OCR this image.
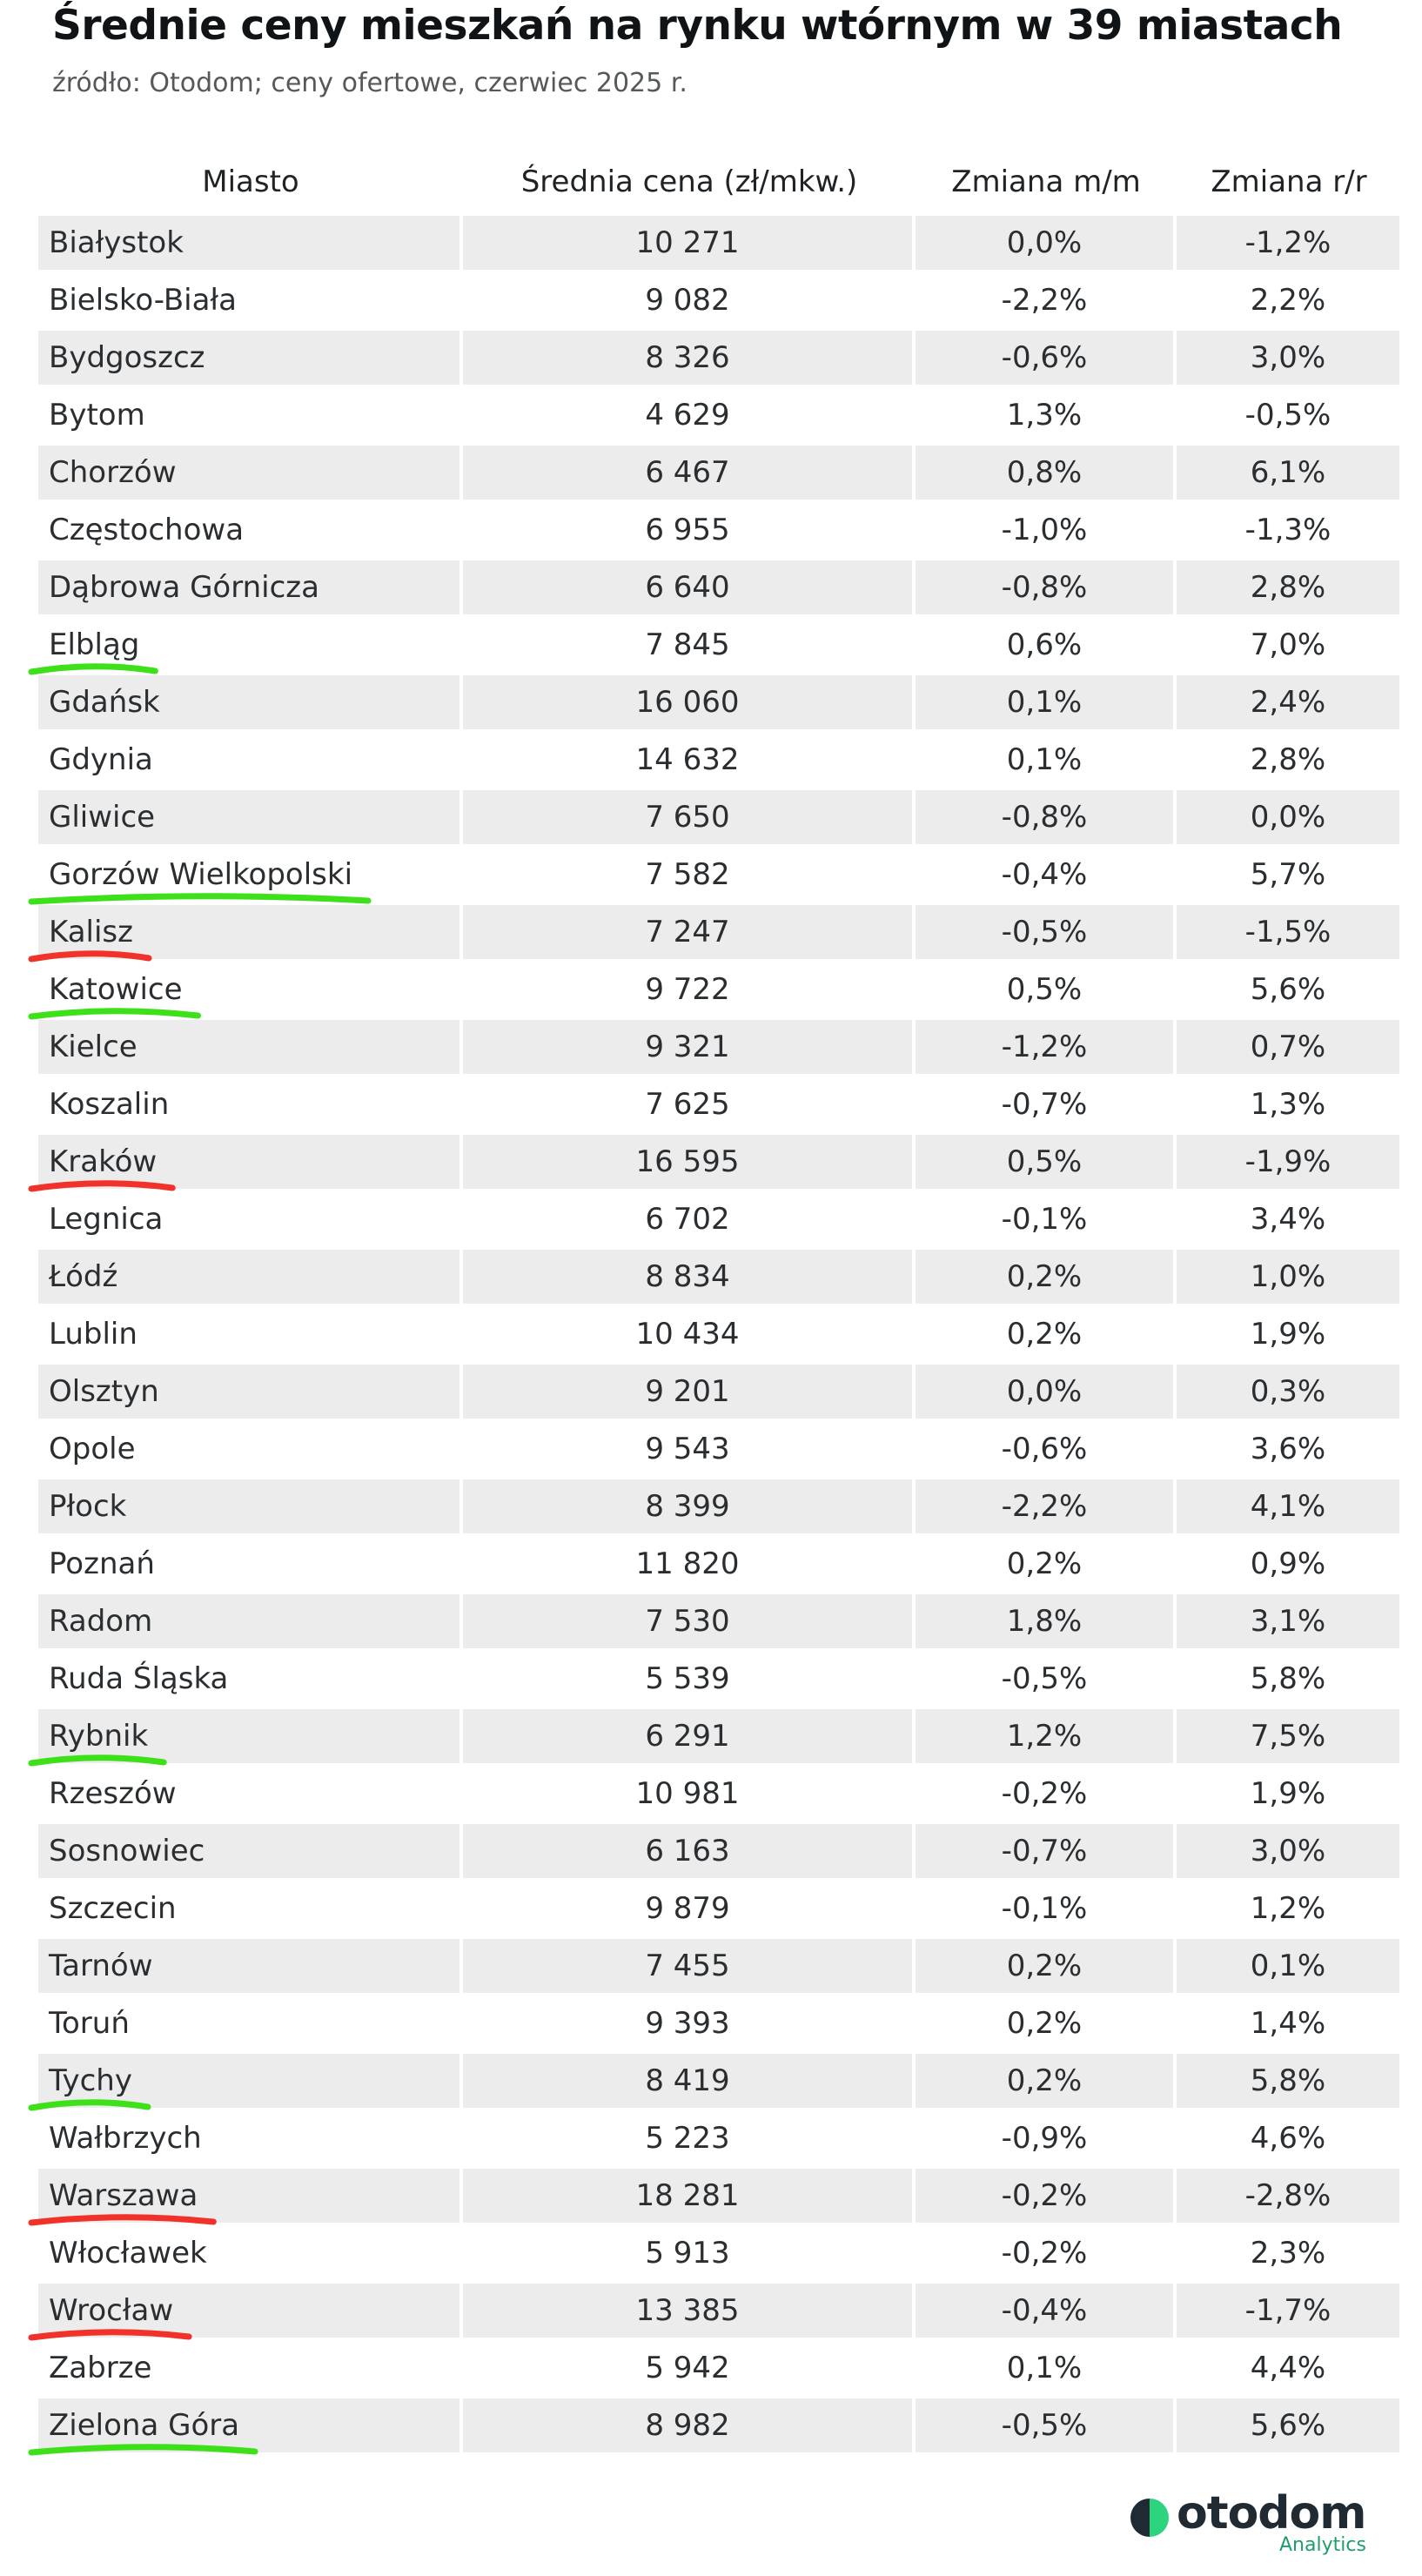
Średnie ceny mieszkań na rynku wtórnym w 39 miastach
źródło: Otodom; ceny ofertowe, czerwiec 2025 r.
Miasto	Średnia cena (zł/mkw.)	Zmiana m/m	Zmiana r/r
Białystok	10 271	0,0%	-1,2%
Bielsko-Biała	9 082	-2,2%	2,2%
Bydgoszcz	8 326	-0,6%	3,0%
Bytom	4 629	1,3%	-0,5%
Chorzów	6 467	0,8%	6,1%
Częstochowa	6 955	-1,0%	-1,3%
Dąbrowa Górnicza	6 640	-0,8%	2,8%
Elbląg	7 845	0,6%	7,0%
Gdańsk	16 060	0,1%	2,4%
Gdynia	14 632	0,1%	2,8%
Gliwice	7 650	-0,8%	0,0%
Gorzów Wielkopolski	7 582	-0,4%	5,7%
Kalisz	7 247	-0,5%	-1,5%
Katowice	9 722	0,5%	5,6%
Kielce	9 321	-1,2%	0,7%
Koszalin	7 625	-0,7%	1,3%
Kraków	16 595	0,5%	-1,9%
Legnica	6 702	-0,1%	3,4%
Łódź	8 834	0,2%	1,0%
Lublin	10 434	0,2%	1,9%
Olsztyn	9 201	0,0%	0,3%
Opole	9 543	-0,6%	3,6%
Płock	8 399	-2,2%	4,1%
Poznań	11 820	0,2%	0,9%
Radom	7 530	1,8%	3,1%
Ruda Śląska	5 539	-0,5%	5,8%
Rybnik	6 291	1,2%	7,5%
Rzeszów	10 981	-0,2%	1,9%
Sosnowiec	6 163	-0,7%	3,0%
Szczecin	9 879	-0,1%	1,2%
Tarnów	7 455	0,2%	0,1%
Toruń	9 393	0,2%	1,4%
Tychy	8 419	0,2%	5,8%
Wałbrzych	5 223	-0,9%	4,6%
Warszawa	18 281	-0,2%	-2,8%
Włocławek	5 913	-0,2%	2,3%
Wrocław	13 385	-0,4%	-1,7%
Zabrze	5 942	0,1%	4,4%
Zielona Góra	8 982	-0,5%	5,6%
otodom
Analytics
